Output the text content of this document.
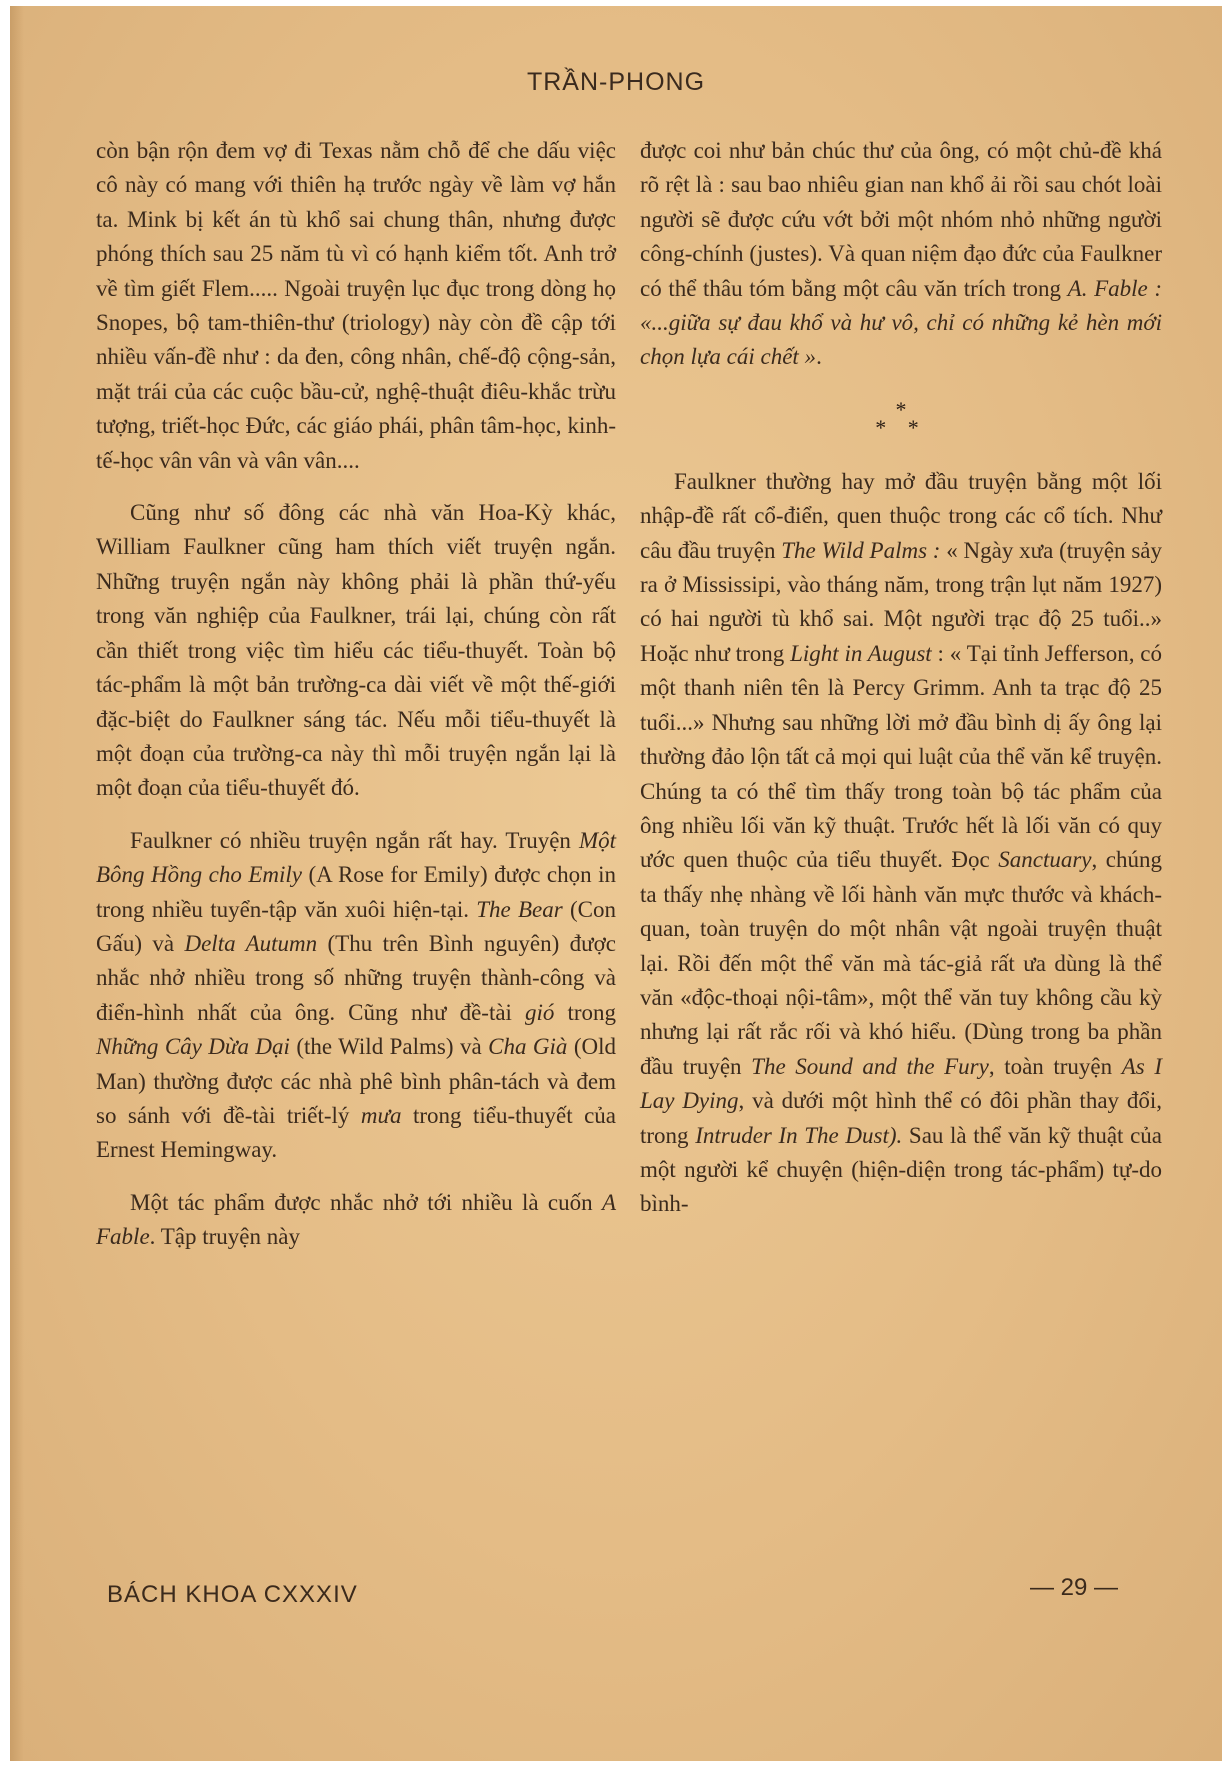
TRẦN-PHONG

còn bận rộn đem vợ đi Texas nằm chỗ để che dấu việc cô này có mang với thiên hạ trước ngày về làm vợ hắn ta. Mink bị kết án tù khổ sai chung thân, nhưng được phóng thích sau 25 năm tù vì có hạnh kiểm tốt. Anh trở về tìm giết Flem..... Ngoài truyện lục đục trong dòng họ Snopes, bộ tam-thiên-thư (triology) này còn đề cập tới nhiều vấn-đề như : da đen, công nhân, chế-độ cộng-sản, mặt trái của các cuộc bầu-cử, nghệ-thuật điêu-khắc trừu tượng, triết-học Đức, các giáo phái, phân tâm-học, kinh-tế-học vân vân và vân vân....

Cũng như số đông các nhà văn Hoa-Kỳ khác, William Faulkner cũng ham thích viết truyện ngắn. Những truyện ngắn này không phải là phần thứ-yếu trong văn nghiệp của Faulkner, trái lại, chúng còn rất cần thiết trong việc tìm hiểu các tiểu-thuyết. Toàn bộ tác-phẩm là một bản trường-ca dài viết về một thế-giới đặc-biệt do Faulkner sáng tác. Nếu mỗi tiểu-thuyết là một đoạn của trường-ca này thì mỗi truyện ngắn lại là một đoạn của tiểu-thuyết đó.

Faulkner có nhiều truyện ngắn rất hay. Truyện Một Bông Hồng cho Emily (A Rose for Emily) được chọn in trong nhiều tuyển-tập văn xuôi hiện-tại. The Bear (Con Gấu) và Delta Autumn (Thu trên Bình nguyên) được nhắc nhở nhiều trong số những truyện thành-công và điển-hình nhất của ông. Cũng như đề-tài gió trong Những Cây Dừa Dại (the Wild Palms) và Cha Già (Old Man) thường được các nhà phê bình phân-tách và đem so sánh với đề-tài triết-lý mưa trong tiểu-thuyết của Ernest Hemingway.

Một tác phẩm được nhắc nhở tới nhiều là cuốn A Fable. Tập truyện này

được coi như bản chúc thư của ông, có một chủ-đề khá rõ rệt là : sau bao nhiêu gian nan khổ ải rồi sau chót loài người sẽ được cứu vớt bởi một nhóm nhỏ những người công-chính (justes). Và quan niệm đạo đức của Faulkner có thể thâu tóm bằng một câu văn trích trong A. Fable : «...giữa sự đau khổ và hư vô, chỉ có những kẻ hèn mới chọn lựa cái chết ».

*
* *

Faulkner thường hay mở đầu truyện bằng một lối nhập-đề rất cổ-điển, quen thuộc trong các cổ tích. Như câu đầu truyện The Wild Palms : « Ngày xưa (truyện sảy ra ở Mississipi, vào tháng năm, trong trận lụt năm 1927) có hai người tù khổ sai. Một người trạc độ 25 tuổi..» Hoặc như trong Light in August : « Tại tỉnh Jefferson, có một thanh niên tên là Percy Grimm. Anh ta trạc độ 25 tuổi...» Nhưng sau những lời mở đầu bình dị ấy ông lại thường đảo lộn tất cả mọi qui luật của thể văn kể truyện. Chúng ta có thể tìm thấy trong toàn bộ tác phẩm của ông nhiều lối văn kỹ thuật. Trước hết là lối văn có quy ước quen thuộc của tiểu thuyết. Đọc Sanctuary, chúng ta thấy nhẹ nhàng về lối hành văn mực thước và khách-quan, toàn truyện do một nhân vật ngoài truyện thuật lại. Rồi đến một thể văn mà tác-giả rất ưa dùng là thể văn «độc-thoại nội-tâm», một thể văn tuy không cầu kỳ nhưng lại rất rắc rối và khó hiểu. (Dùng trong ba phần đầu truyện The Sound and the Fury, toàn truyện As I Lay Dying, và dưới một hình thể có đôi phần thay đổi, trong Intruder In The Dust). Sau là thể văn kỹ thuật của một người kể chuyện (hiện-diện trong tác-phẩm) tự-do bình-

BÁCH KHOA CXXXIV	— 29 —
